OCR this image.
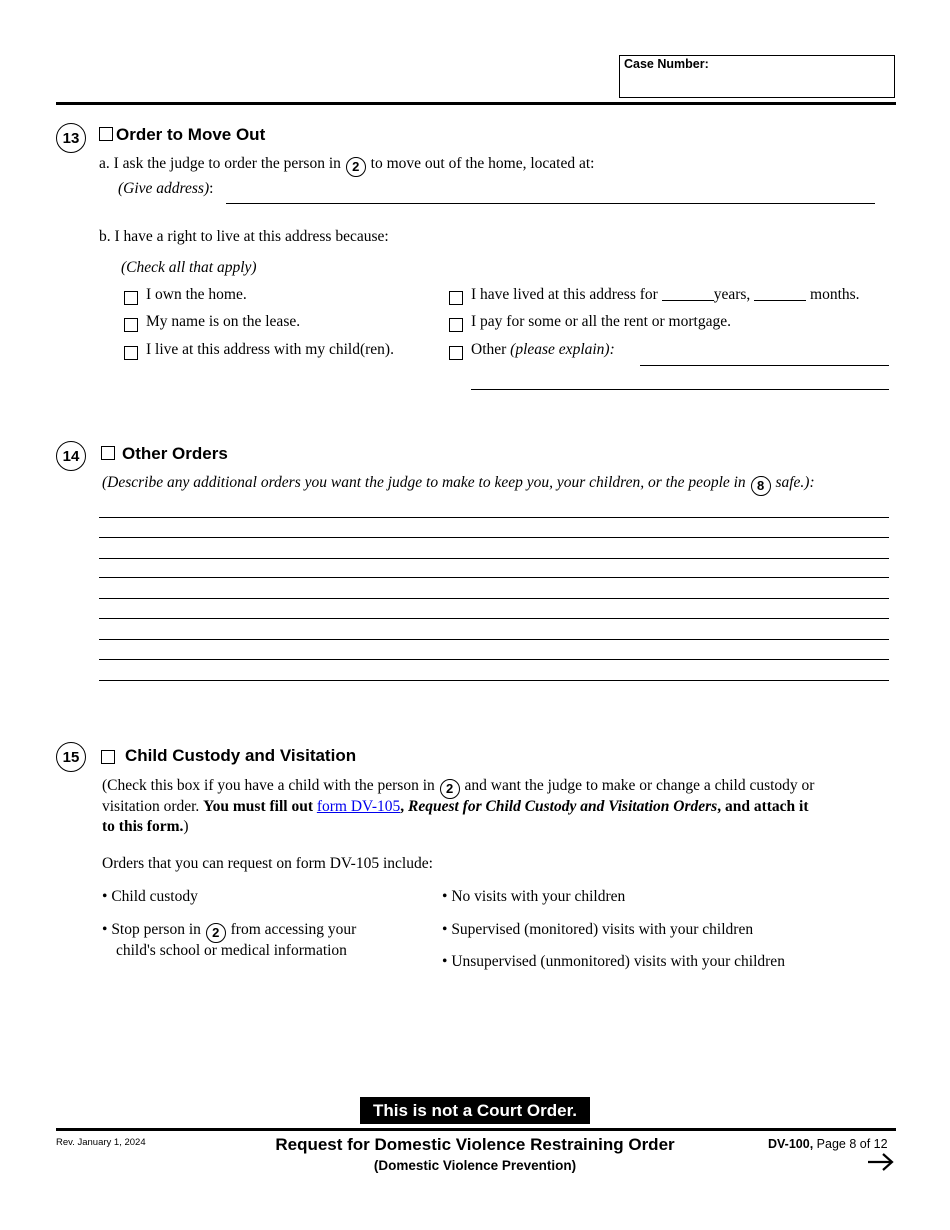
Case Number:
13	Order to Move Out
a. I ask the judge to order the person in 2 to move out of the home, located at:
(Give address):
b. I have a right to live at this address because:
(Check all that apply)
I own the home.
My name is on the lease.
I live at this address with my child(ren).
I have lived at this address for	years,	months.
I pay for some or all the rent or mortgage.
Other (please explain):
14	Other Orders
(Describe any additional orders you want the judge to make to keep you, your children, or the people in 8 safe.):
15	Child Custody and Visitation
(Check this box if you have a child with the person in 2 and want the judge to make or change a child custody or
visitation order. You must fill out form DV-105, Request for Child Custody and Visitation Orders, and attach it
to this form.)
Orders that you can request on form DV-105 include:
• Child custody
• Stop person in 2 from accessing your
child's school or medical information
• No visits with your children
• Supervised (monitored) visits with your children
• Unsupervised (unmonitored) visits with your children
This is not a Court Order.
Rev. January 1, 2024	Request for Domestic Violence Restraining Order
(Domestic Violence Prevention)
DV-100, Page 8 of 12
